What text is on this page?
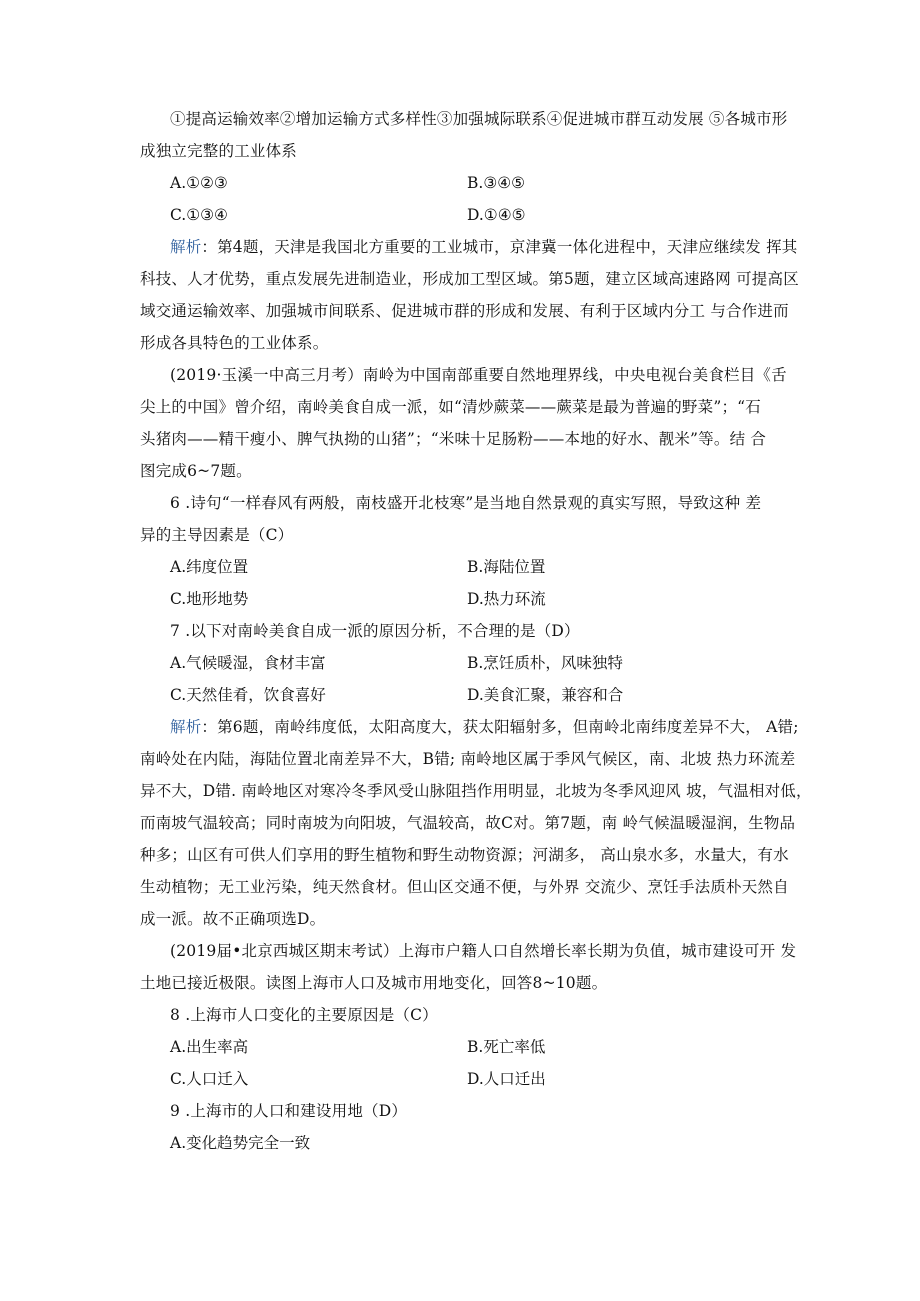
①提高运输效率②增加运输方式多样性③加强城际联系④促进城市群互动发展 ⑤各城市形
成独立完整的工业体系
A.①②③	B.③④⑤
C.①③④	D.①④⑤
解析：第4题，天津是我国北方重要的工业城市，京津冀一体化进程中，天津应继续发 挥其
科技、人才优势，重点发展先进制造业，形成加工型区域。第5题，建立区域高速路网 可提高区
域交通运输效率、加强城市间联系、促进城市群的形成和发展、有利于区域内分工 与合作进而
形成各具特色的工业体系。
(2019·玉溪一中高三月考）南岭为中国南部重要自然地理界线，中央电视台美食栏目《舌
尖上的中国》曾介绍，南岭美食自成一派，如“清炒蕨菜——蕨菜是最为普遍的野菜”；“石
头猪肉——精干瘦小、脾气执拗的山猪”；“米味十足肠粉——本地的好水、靓米”等。结 合
图完成6~7题。
6 .诗句“一样春风有两般，南枝盛开北枝寒”是当地自然景观的真实写照，导致这种 差
异的主导因素是（C）
A.纬度位置	B.海陆位置
C.地形地势	D.热力环流
7 .以下对南岭美食自成一派的原因分析，不合理的是（D）
A.气候暖湿，食材丰富	B.烹饪质朴，风味独特
C.天然佳肴，饮食喜好	D.美食汇聚，兼容和合
解析：第6题，南岭纬度低，太阳高度大，获太阳辐射多，但南岭北南纬度差异不大， A错;
南岭处在内陆，海陆位置北南差异不大，B错; 南岭地区属于季风气候区，南、北坡 热力环流差
异不大，D错. 南岭地区对寒冷冬季风受山脉阻挡作用明显，北坡为冬季风迎风 坡，气温相对低，
而南坡气温较高；同时南坡为向阳坡，气温较高，故C对。第7题，南 岭气候温暖湿润，生物品
种多；山区有可供人们享用的野生植物和野生动物资源；河湖多， 高山泉水多，水量大，有水
生动植物；无工业污染，纯天然食材。但山区交通不便，与外界 交流少、烹饪手法质朴天然自
成一派。故不正确项选D。
(2019届•北京西城区期末考试）上海市户籍人口自然增长率长期为负值，城市建设可开 发
土地已接近极限。读图上海市人口及城市用地变化，回答8~10题。
8 .上海市人口变化的主要原因是（C）
A.出生率高	B.死亡率低
C.人口迁入	D.人口迁出
9 .上海市的人口和建设用地（D）
A.变化趋势完全一致
